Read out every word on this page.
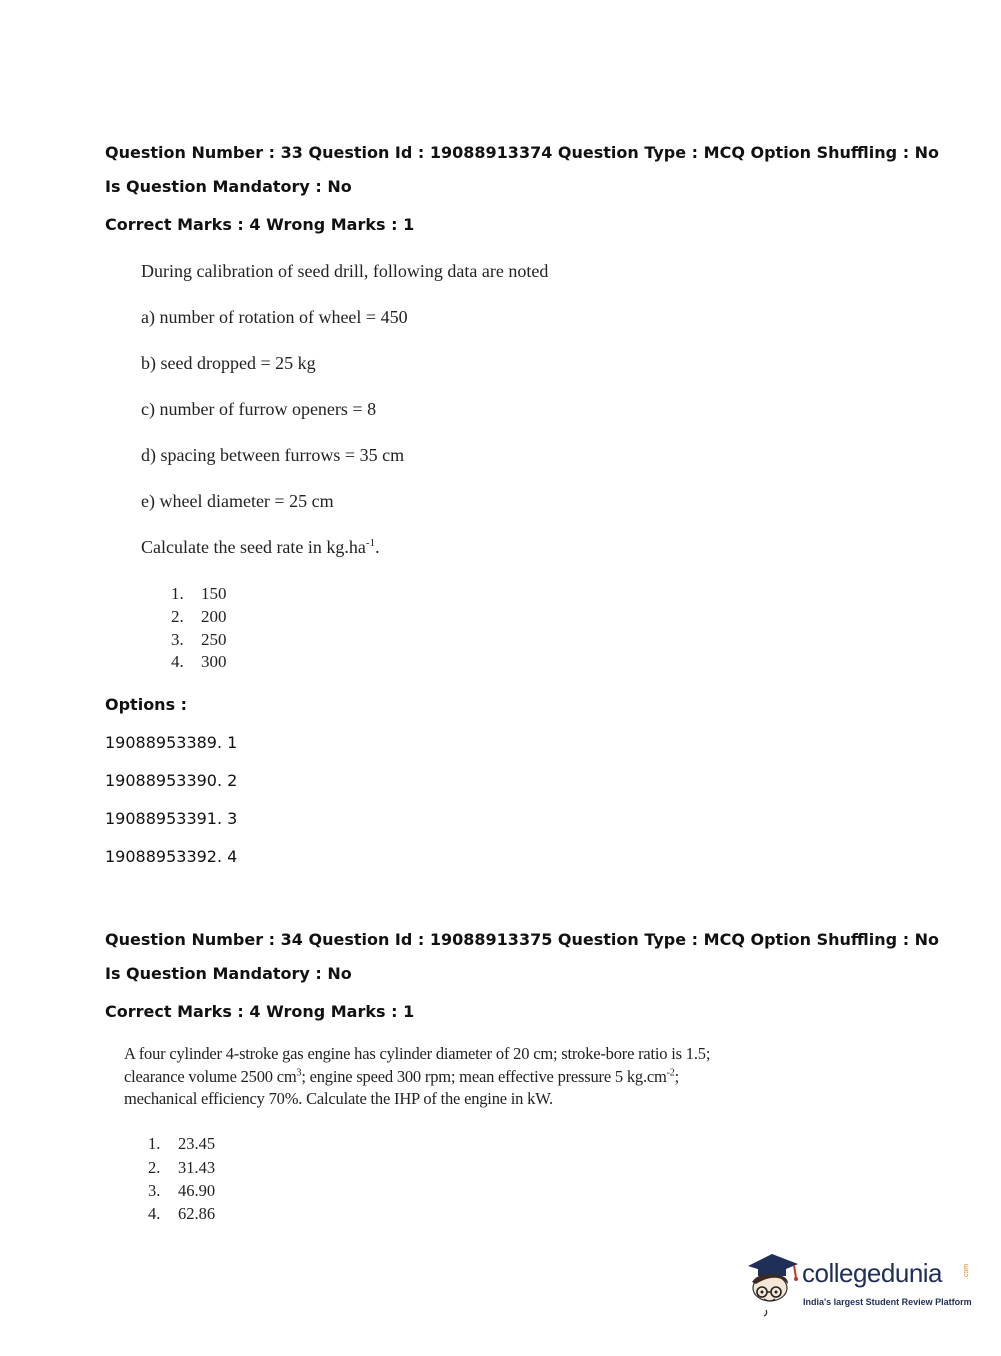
Question Number : 33 Question Id : 19088913374 Question Type : MCQ Option Shuffling : No
Is Question Mandatory : No
Correct Marks : 4 Wrong Marks : 1
During calibration of seed drill, following data are noted
a) number of rotation of wheel = 450
b) seed dropped = 25 kg
c) number of furrow openers = 8
d) spacing between furrows = 35 cm
e) wheel diameter = 25 cm
Calculate the seed rate in $kg.ha^{-1}$.
1. 150
2. 200
3. 250
4. 300
Options :
19088953389. 1
19088953390. 2
19088953391. 3
19088953392. 4
Question Number : 34 Question Id : 19088913375 Question Type : MCQ Option Shuffling : No
Is Question Mandatory : No
Correct Marks : 4 Wrong Marks : 1
A four cylinder 4-stroke gas engine has cylinder diameter of 20 cm; stroke-bore ratio is 1.5;
clearance volume 2500 $cm^3$; engine speed 300 rpm; mean effective pressure 5 $kg.cm^{-2}$;
mechanical efficiency 70%. Calculate the IHP of the engine in kW.
1. 23.45
2. 31.43
3. 46.90
4. 62.86
collegedunia	.com
India's largest Student Review Platform
